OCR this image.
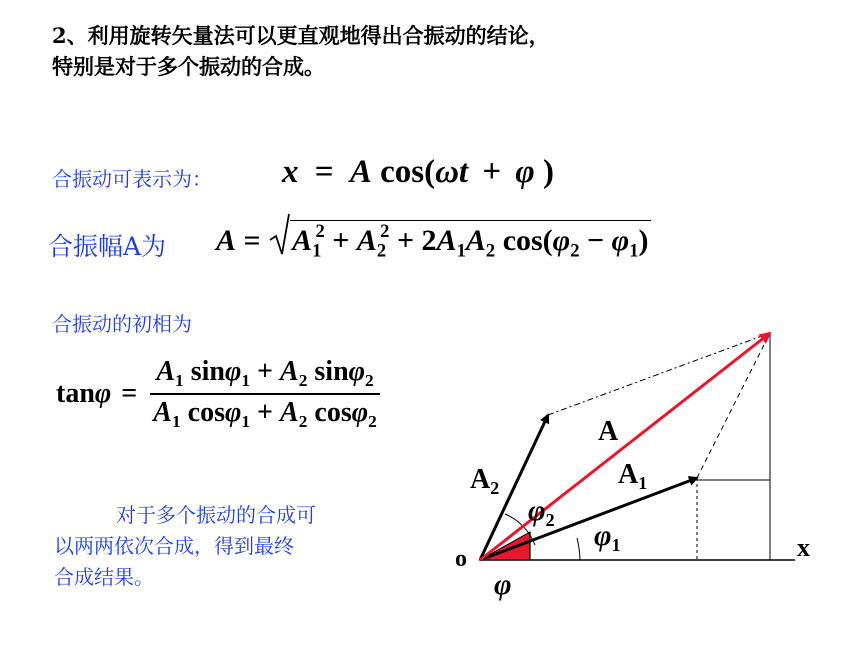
2、利用旋转矢量法可以更直观地得出合振动的结论，
特别是对于多个振动的合成。
合振动可表示为： x = A cos(ωt + φ )
合振幅A为 A =
$A_1^2 + A_2^2 + 2A_1A_2$ $\cos(\varphi_2 - \varphi_1)$
合振动的初相为
$\tan \varphi = \frac{A_1 \sin\varphi_1 + A_2 \sin\varphi_2}{A_1 \cos\varphi_1 + A_2 \cos\varphi_2}$
对于多个振动的合成可
以两两依次合成，得到最终
合成结果。
o	x
A
$A_1$
$A_2$
φ
$\varphi_1$
$\varphi_2$
